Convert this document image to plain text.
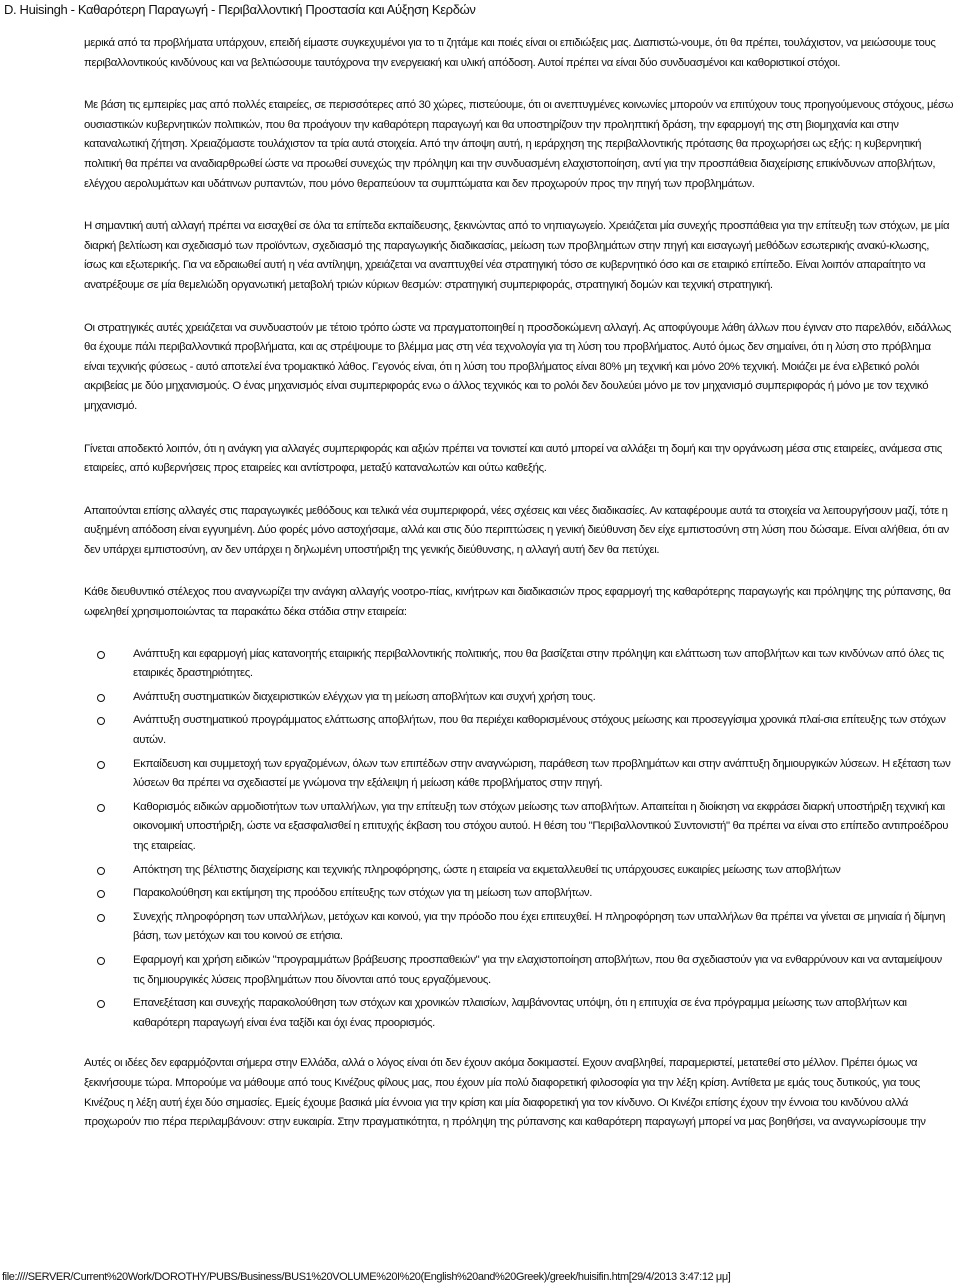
D. Huisingh - Καθαρότερη Παραγωγή - Περιβαλλοντική Προστασία και Αύξηση Κερδών

μερικά από τα προβλήματα υπάρχουν, επειδή είμαστε συγκεχυμένοι για το τι ζητάμε και ποιές είναι οι επιδιώξεις μας. Διαπιστώ-νουμε, ότι θα πρέπει, τουλάχιστον, να μειώσουμε τους περιβαλλοντικούς κινδύνους και να βελτιώσουμε ταυτόχρονα την ενεργειακή και υλική απόδοση. Αυτοί πρέπει να είναι δύο συνδυασμένοι και καθοριστικοί στόχοι.

Με βάση τις εμπειρίες μας από πολλές εταιρείες, σε περισσότερες από 30 χώρες, πιστεύουμε, ότι οι ανεπτυγμένες κοινωνίες μπορούν να επιτύχουν τους προηγούμενους στόχους, μέσω ουσιαστικών κυβερνητικών πολιτικών, που θα προάγουν την καθαρότερη παραγωγή και θα υποστηρίζουν την προληπτική δράση, την εφαρμογή της στη βιομηχανία και στην καταναλωτική ζήτηση. Χρειαζόμαστε τουλάχιστον τα τρία αυτά στοιχεία. Από την άποψη αυτή, η ιεράρχηση της περιβαλλοντικής πρότασης θα προχωρήσει ως εξής: η κυβερνητική πολιτική θα πρέπει να αναδιαρθρωθεί ώστε να προωθεί συνεχώς την πρόληψη και την συνδυασμένη ελαχιστοποίηση, αντί για την προσπάθεια διαχείρισης επικίνδυνων αποβλήτων, ελέγχου αερολυμάτων και υδάτινων ρυπαντών, που μόνο θεραπεύουν τα συμπτώματα και δεν προχωρούν προς την πηγή των προβλημάτων.

Η σημαντική αυτή αλλαγή πρέπει να εισαχθεί σε όλα τα επίπεδα εκπαίδευσης, ξεκινώντας από το νηπιαγωγείο. Χρειάζεται μία συνεχής προσπάθεια για την επίτευξη των στόχων, με μία διαρκή βελτίωση και σχεδιασμό των προϊόντων, σχεδιασμό της παραγωγικής διαδικασίας, μείωση των προβλημάτων στην πηγή και εισαγωγή μεθόδων εσωτερικής ανακύ-κλωσης, ίσως και εξωτερικής. Για να εδραιωθεί αυτή η νέα αντίληψη, χρειάζεται να αναπτυχθεί νέα στρατηγική τόσο σε κυβερνητικό όσο και σε εταιρικό επίπεδο. Είναι λοιπόν απαραίτητο να ανατρέξουμε σε μία θεμελιώδη οργανωτική μεταβολή τριών κύριων θεσμών: στρατηγική συμπεριφοράς, στρατηγική δομών και τεχνική στρατηγική.

Οι στρατηγικές αυτές χρειάζεται να συνδυαστούν με τέτοιο τρόπο ώστε να πραγματοποιηθεί η προσδοκώμενη αλλαγή. Ας αποφύγουμε λάθη άλλων που έγιναν στο παρελθόν, ειδάλλως θα έχουμε πάλι περιβαλλοντικά προβλήματα, και ας στρέψουμε το βλέμμα μας στη νέα τεχνολογία για τη λύση του προβλήματος. Αυτό όμως δεν σημαίνει, ότι η λύση στο πρόβλημα είναι τεχνικής φύσεως - αυτό αποτελεί ένα τρομακτικό λάθος. Γεγονός είναι, ότι η λύση του προβλήματος είναι 80% μη τεχνική και μόνο 20% τεχνική. Μοιάζει με ένα ελβετικό ρολόι ακριβείας με δύο μηχανισμούς. Ο ένας μηχανισμός είναι συμπεριφοράς ενω ο άλλος τεχνικός και το ρολόι δεν δουλεύει μόνο με τον μηχανισμό συμπεριφοράς ή μόνο με τον τεχνικό μηχανισμό.

Γίνεται αποδεκτό λοιπόν, ότι η ανάγκη για αλλαγές συμπεριφοράς και αξιών πρέπει να τονιστεί και αυτό μπορεί να αλλάξει τη δομή και την οργάνωση μέσα στις εταιρείες, ανάμεσα στις εταιρείες, από κυβερνήσεις προς εταιρείες και αντίστροφα, μεταξύ καταναλωτών και ούτω καθεξής.

Απαιτούνται επίσης αλλαγές στις παραγωγικές μεθόδους και τελικά νέα συμπεριφορά, νέες σχέσεις και νέες διαδικασίες. Αν καταφέρουμε αυτά τα στοιχεία να λειτουργήσουν μαζί, τότε η αυξημένη απόδοση είναι εγγυημένη. Δύο φορές μόνο αστοχήσαμε, αλλά και στις δύο περιπτώσεις η γενική διεύθυνση δεν είχε εμπιστοσύνη στη λύση που δώσαμε. Είναι αλήθεια, ότι αν δεν υπάρχει εμπιστοσύνη, αν δεν υπάρχει η δηλωμένη υποστήριξη της γενικής διεύθυνσης, η αλλαγή αυτή δεν θα πετύχει.

Κάθε διευθυντικό στέλεχος που αναγνωρίζει την ανάγκη αλλαγής νοοτρο-πίας, κινήτρων και διαδικασιών προς εφαρμογή της καθαρότερης παραγωγής και πρόληψης της ρύπανσης, θα ωφεληθεί χρησιμοποιώντας τα παρακάτω δέκα στάδια στην εταιρεία:

Ανάπτυξη και εφαρμογή μίας κατανοητής εταιρικής περιβαλλοντικής πολιτικής, που θα βασίζεται στην πρόληψη και ελάττωση των αποβλήτων και των κινδύνων από όλες τις εταιρικές δραστηριότητες.
Ανάπτυξη συστηματικών διαχειριστικών ελέγχων για τη μείωση αποβλήτων και συχνή χρήση τους.
Ανάπτυξη συστηματικού προγράμματος ελάττωσης αποβλήτων, που θα περιέχει καθορισμένους στόχους μείωσης και προσεγγίσιμα χρονικά πλαί-σια επίτευξης των στόχων αυτών.
Εκπαίδευση και συμμετοχή των εργαζομένων, όλων των επιπέδων στην αναγνώριση, παράθεση των προβλημάτων και στην ανάπτυξη δημιουργικών λύσεων. Η εξέταση των λύσεων θα πρέπει να σχεδιαστεί με γνώμονα την εξάλειψη ή μείωση κάθε προβλήματος στην πηγή.
Καθορισμός ειδικών αρμοδιοτήτων των υπαλλήλων, για την επίτευξη των στόχων μείωσης των αποβλήτων. Απαιτείται η διοίκηση να εκφράσει διαρκή υποστήριξη τεχνική και οικονομική υποστήριξη, ώστε να εξασφαλισθεί η επιτυχής έκβαση του στόχου αυτού. Η θέση του "Περιβαλλοντικού Συντονιστή" θα πρέπει να είναι στο επίπεδο αντιπροέδρου της εταιρείας.
Απόκτηση της βέλτιστης διαχείρισης και τεχνικής πληροφόρησης, ώστε η εταιρεία να εκμεταλλευθεί τις υπάρχουσες ευκαιρίες μείωσης των αποβλήτων
Παρακολούθηση και εκτίμηση της προόδου επίτευξης των στόχων για τη μείωση των αποβλήτων.
Συνεχής πληροφόρηση των υπαλλήλων, μετόχων και κοινού, για την πρόοδο που έχει επιτευχθεί. Η πληροφόρηση των υπαλλήλων θα πρέπει να γίνεται σε μηνιαία ή δίμηνη βάση, των μετόχων και του κοινού σε ετήσια.
Εφαρμογή και χρήση ειδικών "προγραμμάτων βράβευσης προσπαθειών" για την ελαχιστοποίηση αποβλήτων, που θα σχεδιαστούν για να ενθαρρύνουν και να ανταμείψουν τις δημιουργικές λύσεις προβλημάτων που δίνονται από τους εργαζόμενους.
Επανεξέταση και συνεχής παρακολούθηση των στόχων και χρονικών πλαισίων, λαμβάνοντας υπόψη, ότι η επιτυχία σε ένα πρόγραμμα μείωσης των αποβλήτων και καθαρότερη παραγωγή είναι ένα ταξίδι και όχι ένας προορισμός.

Αυτές οι ιδέες δεν εφαρμόζονται σήμερα στην Ελλάδα, αλλά ο λόγος είναι ότι δεν έχουν ακόμα δοκιμαστεί. Εχουν αναβληθεί, παραμεριστεί, μετατεθεί στο μέλλον. Πρέπει όμως να ξεκινήσουμε τώρα. Μπορούμε να μάθουμε από τους Κινέζους φίλους μας, που έχουν μία πολύ διαφορετική φιλοσοφία για την λέξη κρίση. Αντίθετα με εμάς τους δυτικούς, για τους Κινέζους η λέξη αυτή έχει δύο σημασίες. Εμείς έχουμε βασικά μία έννοια για την κρίση και μία διαφορετική για τον κίνδυνο. Οι Κινέζοι επίσης έχουν την έννοια του κινδύνου αλλά προχωρούν πιο πέρα περιλαμβάνουν: στην ευκαιρία. Στην πραγματικότητα, η πρόληψη της ρύπανσης και καθαρότερη παραγωγή μπορεί να μας βοηθήσει, να αναγνωρίσουμε την

file:////SERVER/Current%20Work/DOROTHY/PUBS/Business/BUS1%20VOLUME%20I%20(English%20and%20Greek)/greek/huisifin.htm[29/4/2013 3:47:12 μμ]
